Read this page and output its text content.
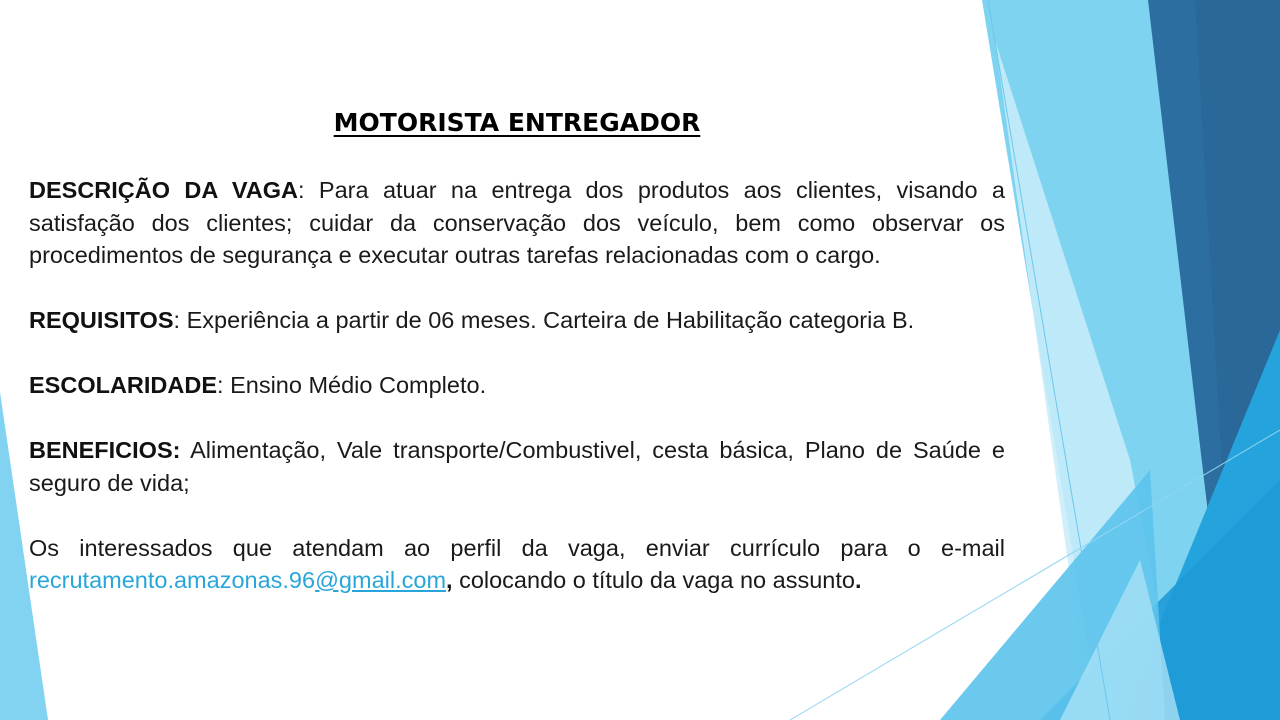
MOTORISTA ENTREGADOR

DESCRIÇÃO DA VAGA: Para atuar na entrega dos produtos aos clientes, visando a satisfação dos clientes; cuidar da conservação dos veículo, bem como observar os procedimentos de segurança e executar outras tarefas relacionadas com o cargo.

REQUISITOS: Experiência a partir de 06 meses. Carteira de Habilitação categoria B.

ESCOLARIDADE: Ensino Médio Completo.

BENEFICIOS: Alimentação, Vale transporte/Combustivel, cesta básica, Plano de Saúde e seguro de vida;

Os interessados que atendam ao perfil da vaga, enviar currículo para o e-mail recrutamento.amazonas.96@gmail.com, colocando o título da vaga no assunto.
